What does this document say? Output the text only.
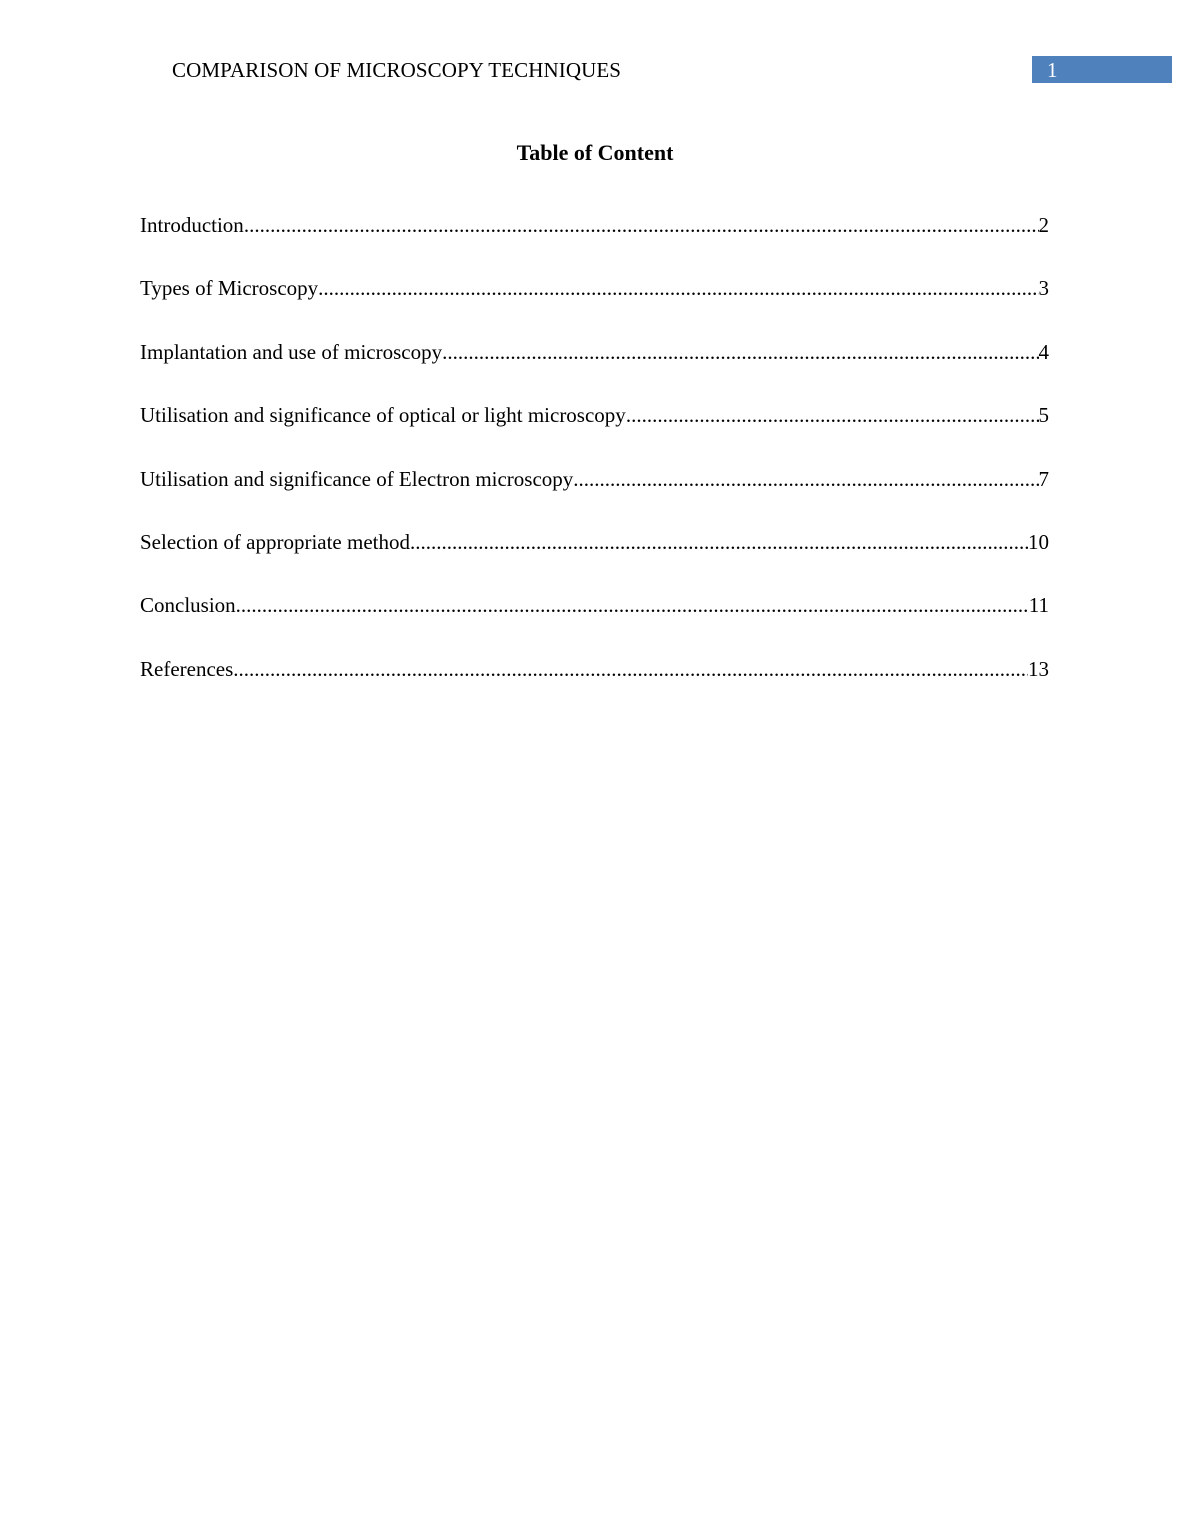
COMPARISON OF MICROSCOPY TECHNIQUES	1
Table of Content
Introduction .....	2
Types of Microscopy .....	3
Implantation and use of microscopy .....	4
Utilisation and significance of optical or light microscopy .....	5
Utilisation and significance of Electron microscopy .....	7
Selection of appropriate method .....	10
Conclusion .....	11
References .....	13
